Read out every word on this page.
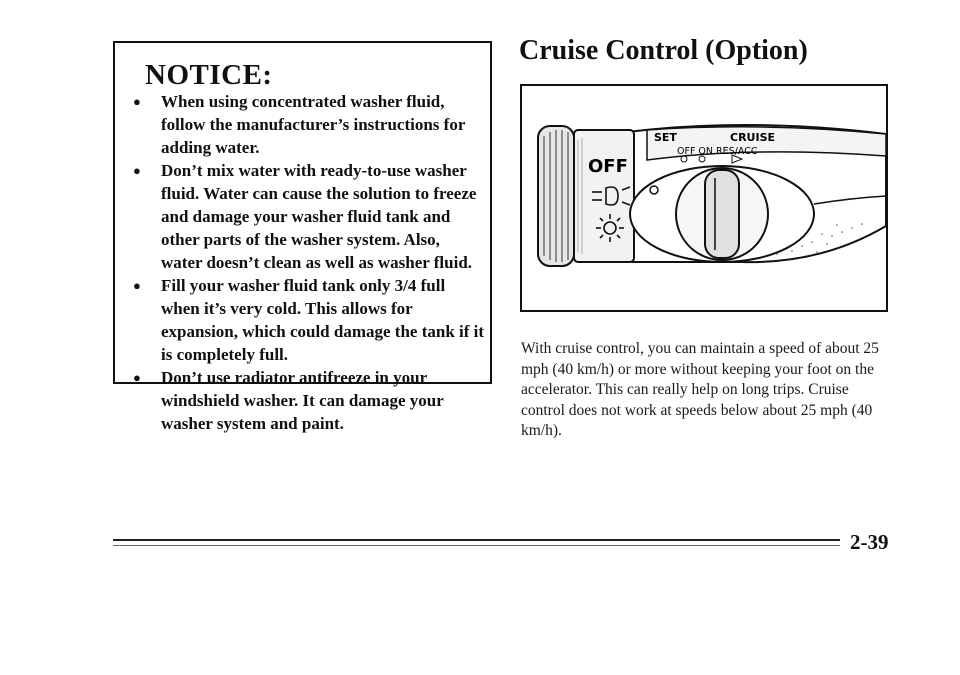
NOTICE:
●	When using concentrated washer fluid, follow the manufacturer’s instructions for adding water.
●	Don’t mix water with ready-to-use washer fluid. Water can cause the solution to freeze and damage your washer fluid tank and other parts of the washer system. Also, water doesn’t clean as well as washer fluid.
●	Fill your washer fluid tank only 3/4 full when it’s very cold. This allows for expansion, which could damage the tank if it is completely full.
●	Don’t use radiator antifreeze in your windshield washer. It can damage your washer system and paint.
Cruise Control (Option)
SET	CRUISE
OFF ON RES/ACC
OFF

With cruise control, you can maintain a speed of about 25 mph (40 km/h) or more without keeping your foot on the accelerator. This can really help on long trips. Cruise control does not work at speeds below about 25 mph (40 km/h).

2-39
